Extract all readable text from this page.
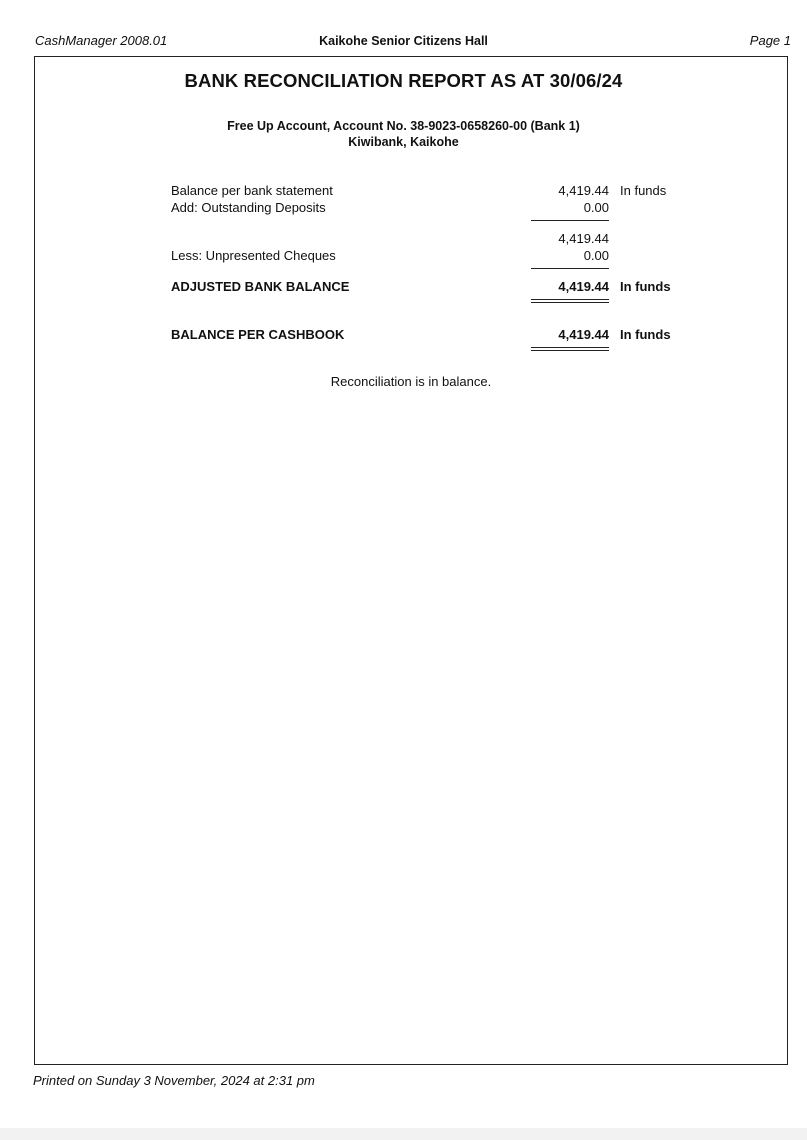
CashManager 2008.01	Kaikohe Senior Citizens Hall	Page 1
BANK RECONCILIATION REPORT AS AT 30/06/24
Free Up Account, Account No. 38-9023-0658260-00 (Bank 1)
Kiwibank, Kaikohe
Balance per bank statement	4,419.44 In funds
Add: Outstanding Deposits	0.00
4,419.44
Less: Unpresented Cheques	0.00
ADJUSTED BANK BALANCE	4,419.44 In funds
BALANCE PER CASHBOOK	4,419.44 In funds
Reconciliation is in balance.
Printed on Sunday 3 November, 2024 at 2:31 pm
